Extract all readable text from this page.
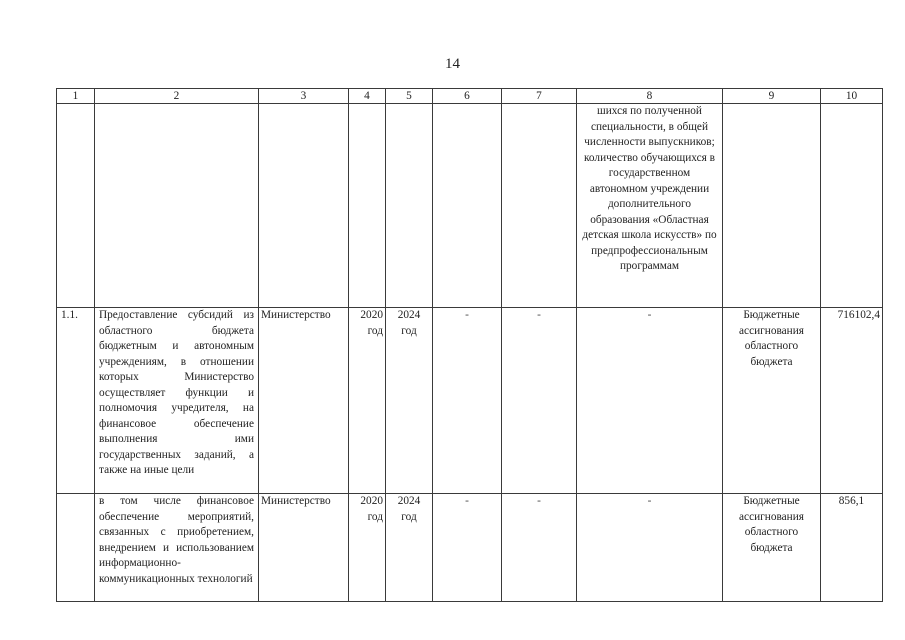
14
1	2	3	4	5	6	7	8	9	10
							шихся по полученной специальности, в общей численности выпускников; количество обучающихся в государственном автономном учреждении дополнительного образования «Областная детская школа искусств» по предпрофессиональным программам		
1.1.	Предоставление субсидий из областного бюджета бюджетным и автономным учреждениям, в отношении которых Министерство осуществляет функции и полномочия учредителя, на финансовое обеспечение выполнения ими государственных заданий, а также на иные цели	Министерство	2020 год	2024 год	-	-	-	Бюджетные ассигнования областного бюджета	716102,4
	в том числе финансовое обеспечение мероприятий, связанных с приобретением, внедрением и использованием информационно-коммуникационных технологий	Министерство	2020 год	2024 год	-	-	-	Бюджетные ассигнования областного бюджета	856,1
